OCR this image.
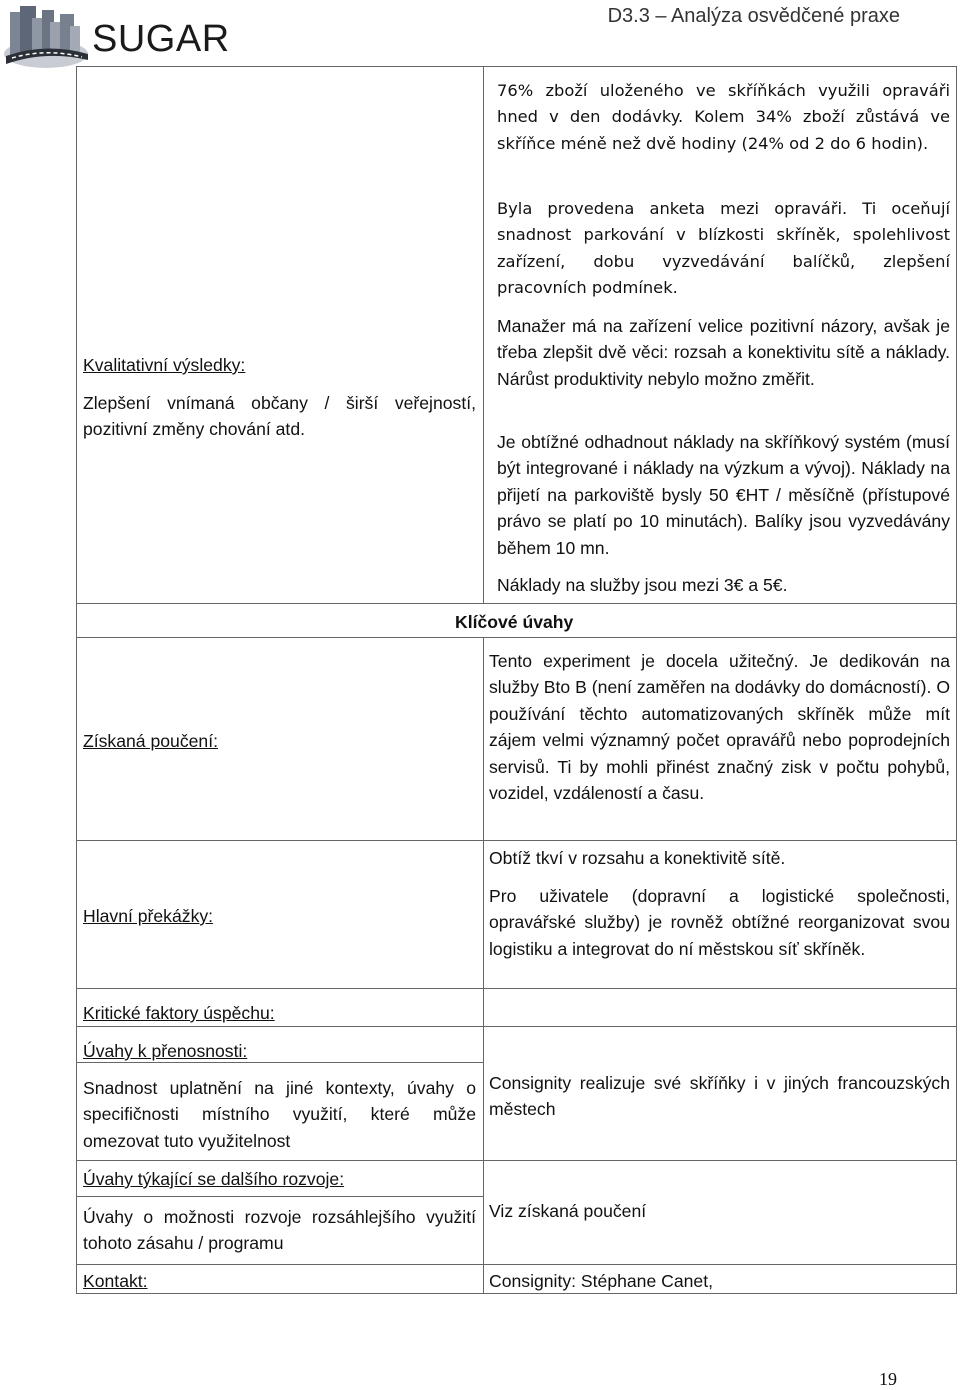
SUGAR
D3.3 – Analýza osvědčené praxe
Kvalitativní výsledky:
Zlepšení vnímaná občany / širší veřejností, pozitivní změny chování atd.
76% zboží uloženého ve skříňkách využili opraváři hned v den dodávky. Kolem 34% zboží zůstává ve skříňce méně než dvě hodiny (24% od 2 do 6 hodin).
Byla provedena anketa mezi opraváři. Ti oceňují snadnost parkování v blízkosti skříněk, spolehlivost zařízení, dobu vyzvedávání balíčků, zlepšení pracovních podmínek.
Manažer má na zařízení velice pozitivní názory, avšak je třeba zlepšit dvě věci: rozsah a konektivitu sítě a náklady. Nárůst produktivity nebylo možno změřit.
Je obtížné odhadnout náklady na skříňkový systém (musí být integrované i náklady na výzkum a vývoj). Náklady na přijetí na parkoviště bysly 50 €HT / měsíčně (přístupové právo se platí po 10 minutách). Balíky jsou vyzvedávány během 10 mn.
Náklady na služby jsou mezi 3€ a 5€.
Klíčové úvahy
Získaná poučení:
Tento experiment je docela užitečný. Je dedikován na služby Bto B (není zaměřen na dodávky do domácností). O používání těchto automatizovaných skříněk může mít zájem velmi významný počet opravářů nebo poprodejních servisů. Ti by mohli přinést značný zisk v počtu pohybů, vozidel, vzdáleností a času.
Hlavní překážky:
Obtíž tkví v rozsahu a konektivitě sítě.
Pro uživatele (dopravní a logistické společnosti, opravářské služby) je rovněž obtížné reorganizovat svou logistiku a integrovat do ní městskou síť skříněk.
Kritické faktory úspěchu:
Úvahy k přenosnosti:
Snadnost uplatnění na jiné kontexty, úvahy o specifičnosti místního využití, které může omezovat tuto využitelnost
Consignity realizuje své skříňky i v jiných francouzských městech
Úvahy týkající se dalšího rozvoje:
Úvahy o možnosti rozvoje rozsáhlejšího využití tohoto zásahu / programu
Viz získaná poučení
Kontakt:	Consignity: Stéphane Canet,
19
